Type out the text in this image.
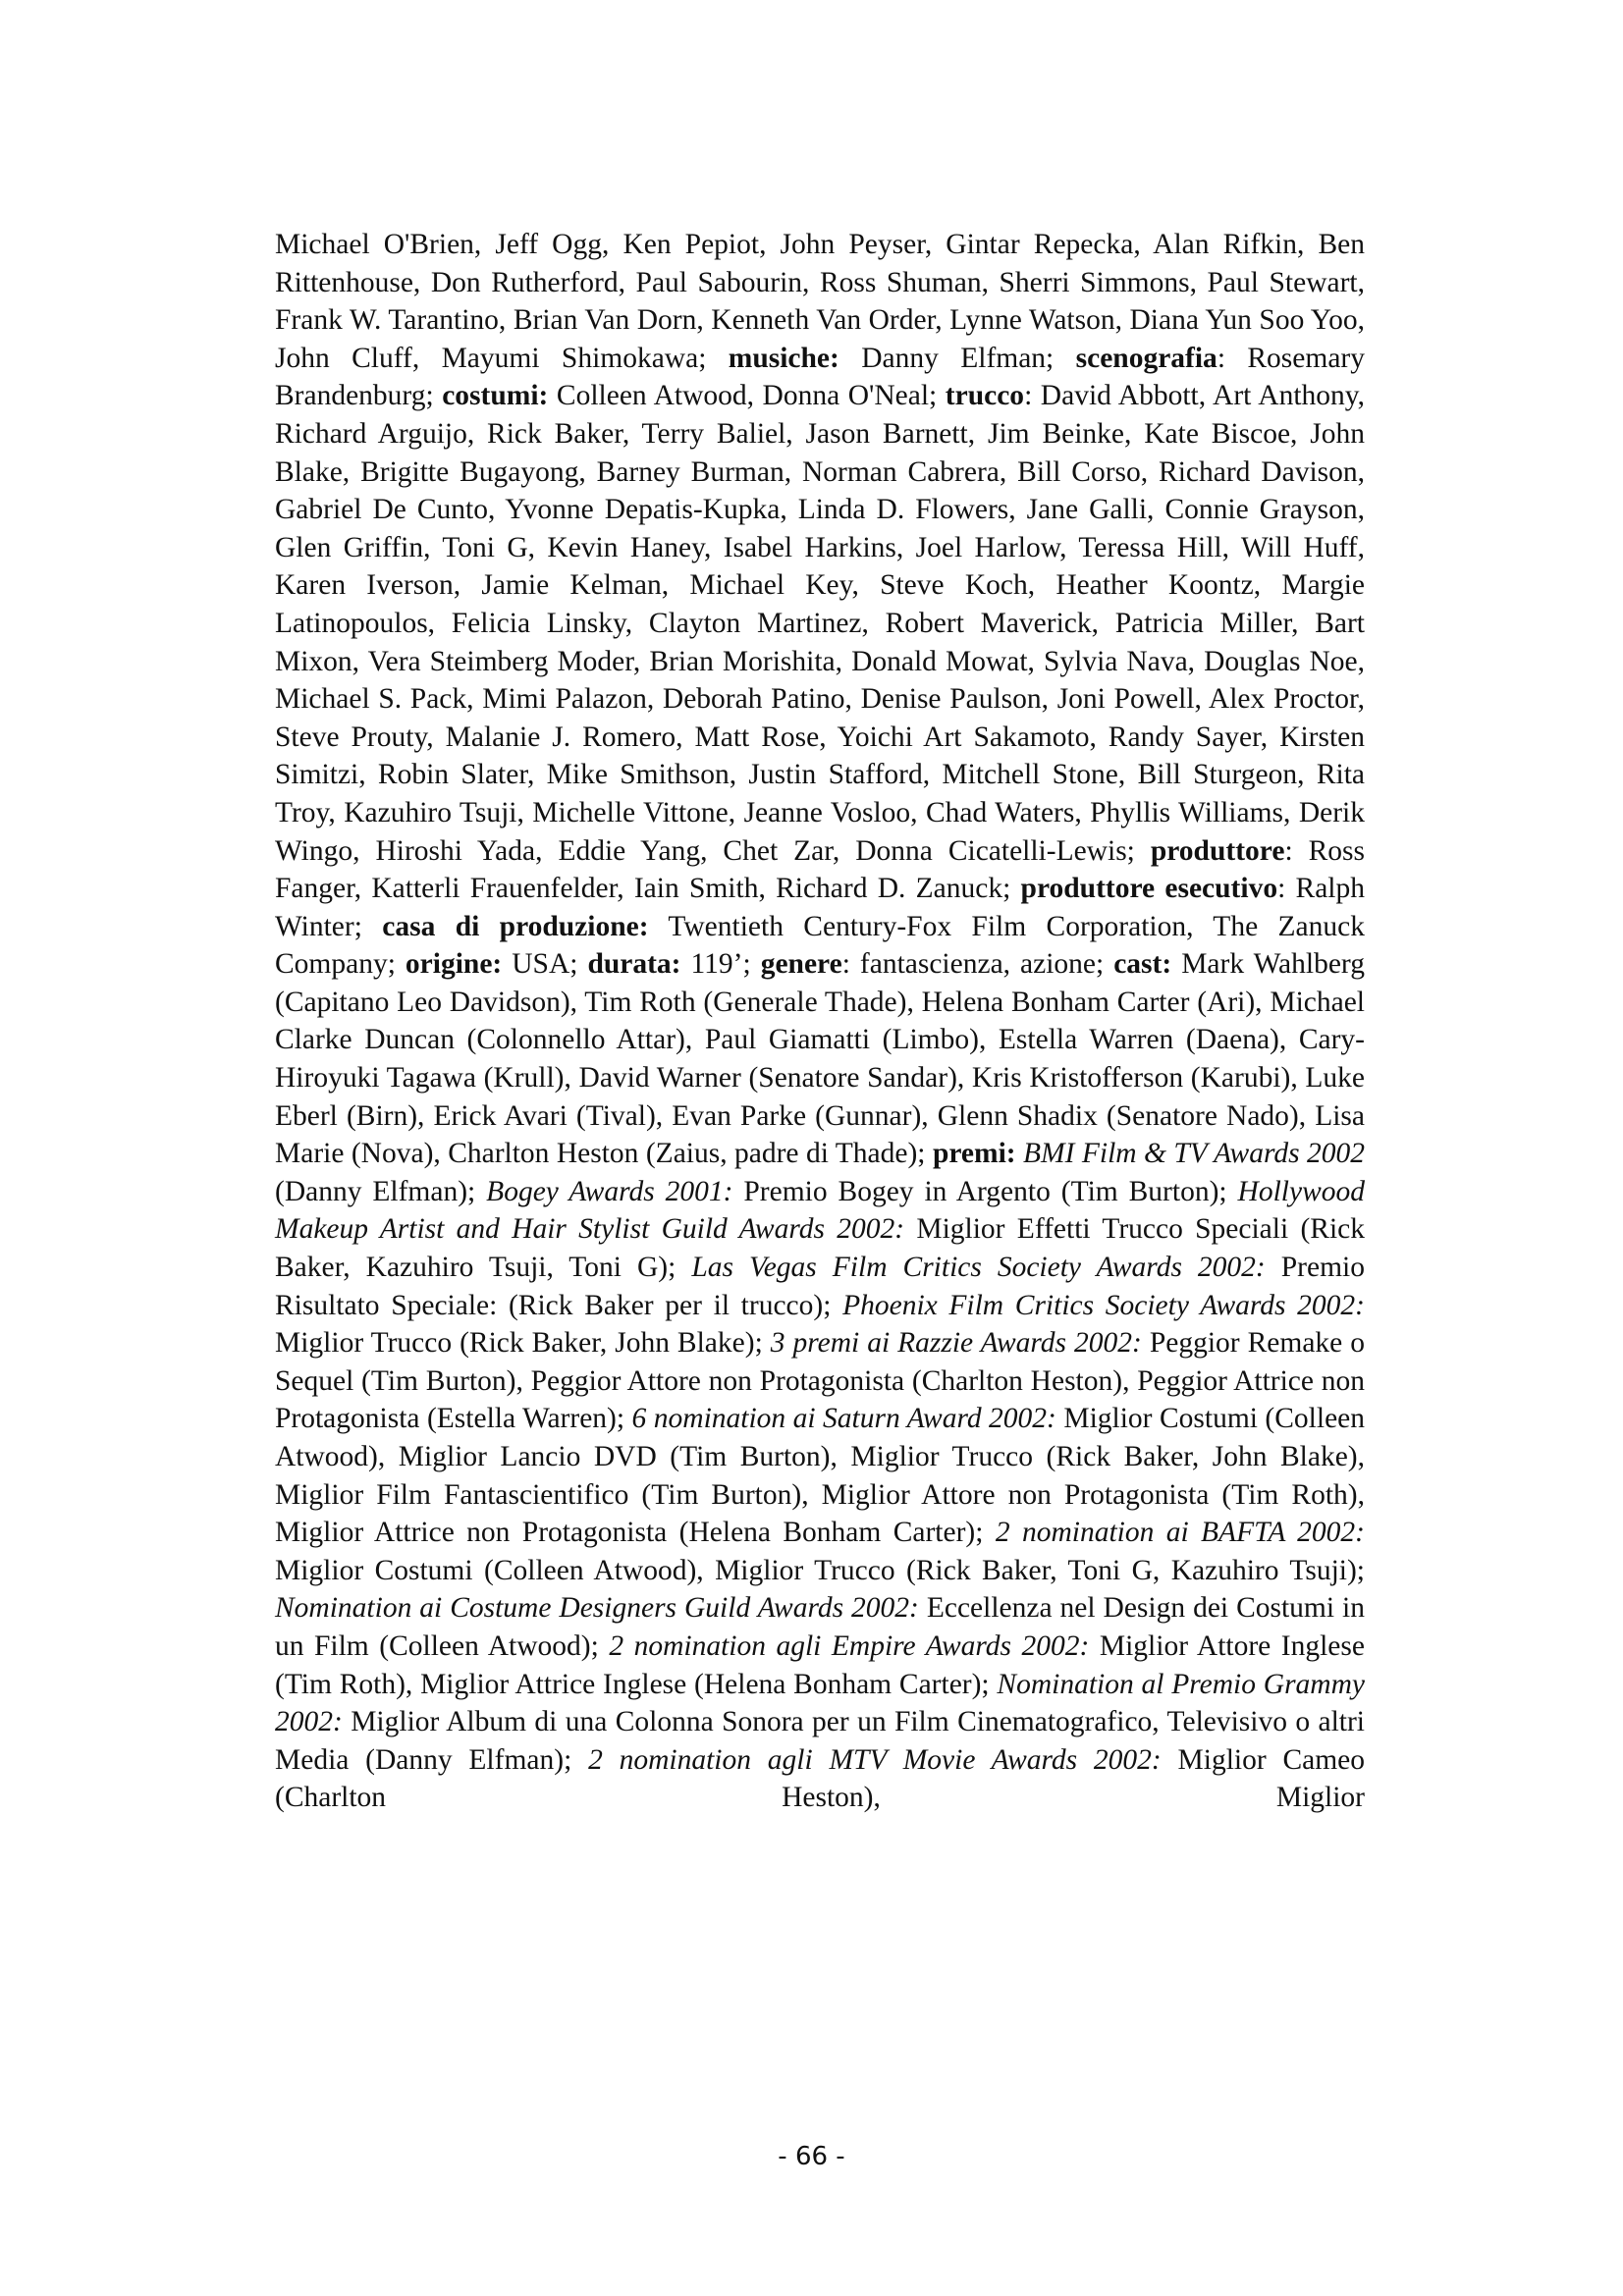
Michael O'Brien, Jeff Ogg, Ken Pepiot, John Peyser, Gintar Repecka, Alan Rifkin, Ben Rittenhouse, Don Rutherford, Paul Sabourin, Ross Shuman, Sherri Simmons, Paul Stewart, Frank W. Tarantino, Brian Van Dorn, Kenneth Van Order, Lynne Watson, Diana Yun Soo Yoo, John Cluff, Mayumi Shimokawa; musiche: Danny Elfman; scenografia: Rosemary Brandenburg; costumi: Colleen Atwood, Donna O'Neal; trucco: David Abbott, Art Anthony, Richard Arguijo, Rick Baker, Terry Baliel, Jason Barnett, Jim Beinke, Kate Biscoe, John Blake, Brigitte Bugayong, Barney Burman, Norman Cabrera, Bill Corso, Richard Davison, Gabriel De Cunto, Yvonne Depatis-Kupka, Linda D. Flowers, Jane Galli, Connie Grayson, Glen Griffin, Toni G, Kevin Haney, Isabel Harkins, Joel Harlow, Teressa Hill, Will Huff, Karen Iverson, Jamie Kelman, Michael Key, Steve Koch, Heather Koontz, Margie Latinopoulos, Felicia Linsky, Clayton Martinez, Robert Maverick, Patricia Miller, Bart Mixon, Vera Steimberg Moder, Brian Morishita, Donald Mowat, Sylvia Nava, Douglas Noe, Michael S. Pack, Mimi Palazon, Deborah Patino, Denise Paulson, Joni Powell, Alex Proctor, Steve Prouty, Malanie J. Romero, Matt Rose, Yoichi Art Sakamoto, Randy Sayer, Kirsten Simitzi, Robin Slater, Mike Smithson, Justin Stafford, Mitchell Stone, Bill Sturgeon, Rita Troy, Kazuhiro Tsuji, Michelle Vittone, Jeanne Vosloo, Chad Waters, Phyllis Williams, Derik Wingo, Hiroshi Yada, Eddie Yang, Chet Zar, Donna Cicatelli-Lewis; produttore: Ross Fanger, Katterli Frauenfelder, Iain Smith, Richard D. Zanuck; produttore esecutivo: Ralph Winter; casa di produzione: Twentieth Century-Fox Film Corporation, The Zanuck Company; origine: USA; durata: 119’; genere: fantascienza, azione; cast: Mark Wahlberg (Capitano Leo Davidson), Tim Roth (Generale Thade), Helena Bonham Carter (Ari), Michael Clarke Duncan (Colonnello Attar), Paul Giamatti (Limbo), Estella Warren (Daena), Cary-Hiroyuki Tagawa (Krull), David Warner (Senatore Sandar), Kris Kristofferson (Karubi), Luke Eberl (Birn), Erick Avari (Tival), Evan Parke (Gunnar), Glenn Shadix (Senatore Nado), Lisa Marie (Nova), Charlton Heston (Zaius, padre di Thade); premi: BMI Film & TV Awards 2002 (Danny Elfman); Bogey Awards 2001: Premio Bogey in Argento (Tim Burton); Hollywood Makeup Artist and Hair Stylist Guild Awards 2002: Miglior Effetti Trucco Speciali (Rick Baker, Kazuhiro Tsuji, Toni G); Las Vegas Film Critics Society Awards 2002: Premio Risultato Speciale: (Rick Baker per il trucco); Phoenix Film Critics Society Awards 2002: Miglior Trucco (Rick Baker, John Blake); 3 premi ai Razzie Awards 2002: Peggior Remake o Sequel (Tim Burton), Peggior Attore non Protagonista (Charlton Heston), Peggior Attrice non Protagonista (Estella Warren); 6 nomination ai Saturn Award 2002: Miglior Costumi (Colleen Atwood), Miglior Lancio DVD (Tim Burton), Miglior Trucco (Rick Baker, John Blake), Miglior Film Fantascientifico (Tim Burton), Miglior Attore non Protagonista (Tim Roth), Miglior Attrice non Protagonista (Helena Bonham Carter); 2 nomination ai BAFTA 2002: Miglior Costumi (Colleen Atwood), Miglior Trucco (Rick Baker, Toni G, Kazuhiro Tsuji); Nomination ai Costume Designers Guild Awards 2002: Eccellenza nel Design dei Costumi in un Film (Colleen Atwood); 2 nomination agli Empire Awards 2002: Miglior Attore Inglese (Tim Roth), Miglior Attrice Inglese (Helena Bonham Carter); Nomination al Premio Grammy 2002: Miglior Album di una Colonna Sonora per un Film Cinematografico, Televisivo o altri Media (Danny Elfman); 2 nomination agli MTV Movie Awards 2002: Miglior Cameo (Charlton Heston), Miglior

- 66 -
